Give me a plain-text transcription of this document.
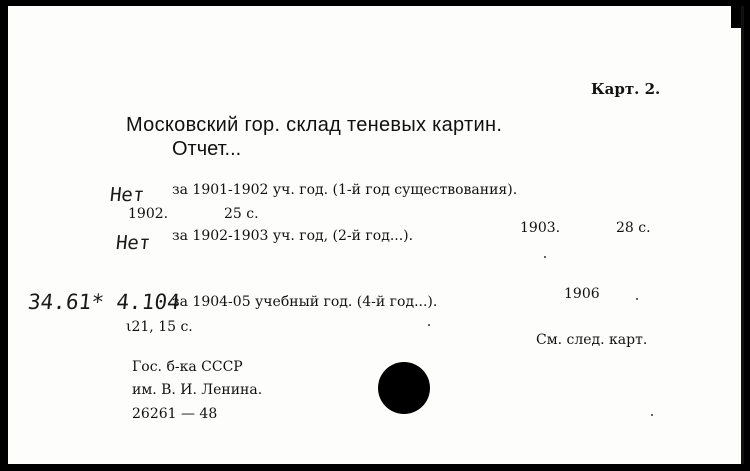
Карт. 2.
Московский гор. склад теневых картин.
Отчет...
Нет за 1901-1902 уч. год. (1-й год существования).
1902.	25 с.
Нет за 1902-1903 уч. год, (2-й год...).	1903.	28 с.
34.61* 4.104
за 1904-05 учебный год. (4-й год...).	1906
ι21, 15 с.
См. след. карт.
Гос. б-ка СССР
им. В. И. Ленина.
26261 — 48
